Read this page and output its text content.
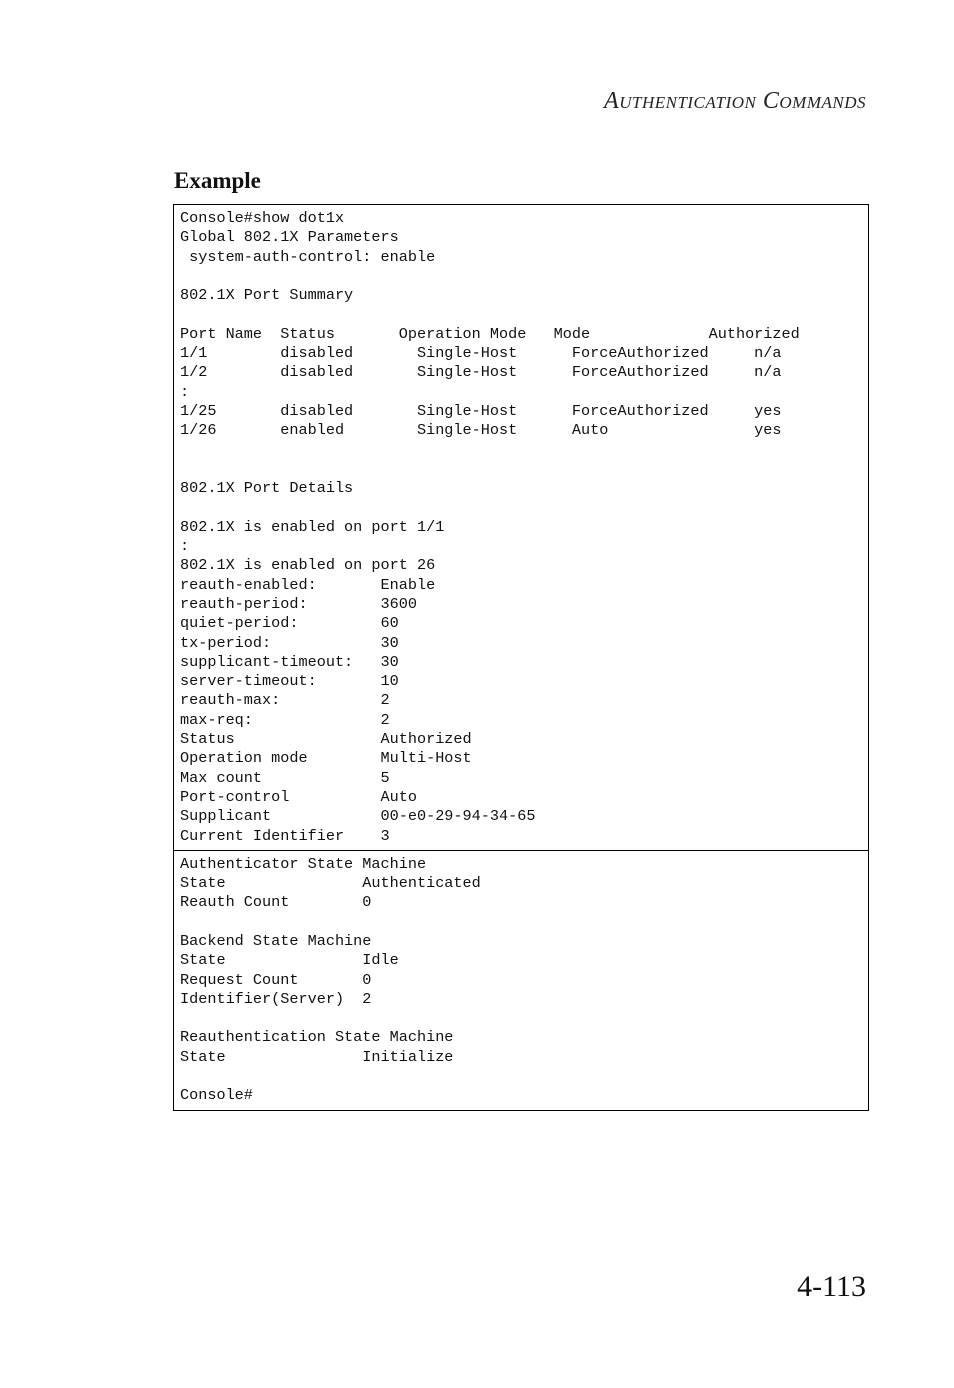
Authentication Commands
Example
Console#show dot1x
Global 802.1X Parameters
system-auth-control: enable

802.1X Port Summary

Port Name  Status       Operation Mode   Mode             Authorized
1/1        disabled       Single-Host      ForceAuthorized     n/a
1/2        disabled       Single-Host      ForceAuthorized     n/a
:
1/25       disabled       Single-Host      ForceAuthorized     yes
1/26       enabled        Single-Host      Auto                yes

802.1X Port Details

802.1X is enabled on port 1/1
:
802.1X is enabled on port 26
reauth-enabled:       Enable
reauth-period:        3600
quiet-period:         60
tx-period:            30
supplicant-timeout:   30
server-timeout:       10
reauth-max:           2
max-req:              2
Status                Authorized
Operation mode        Multi-Host
Max count             5
Port-control          Auto
Supplicant            00-e0-29-94-34-65
Current Identifier    3
Authenticator State Machine
State               Authenticated
Reauth Count        0

Backend State Machine
State               Idle
Request Count       0
Identifier(Server)  2

Reauthentication State Machine
State               Initialize

Console#
4-113
